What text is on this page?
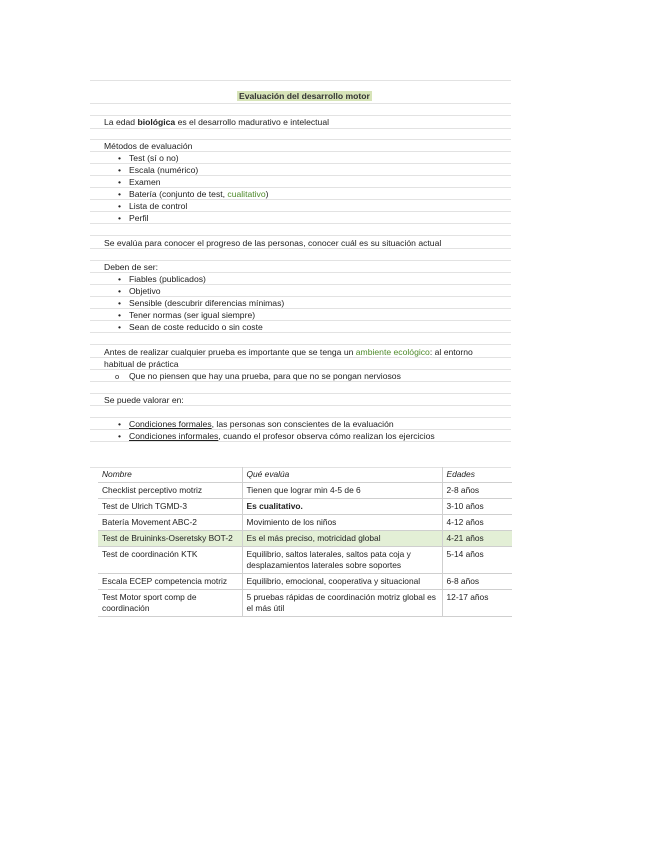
Evaluación del desarrollo motor
La edad biológica es el desarrollo madurativo e intelectual
Métodos de evaluación
• Test (sí o no)
• Escala (numérico)
• Examen
• Batería (conjunto de test, cualitativo)
• Lista de control
• Perfil
Se evalúa para conocer el progreso de las personas, conocer cuál es su situación actual
Deben de ser:
• Fiables (publicados)
• Objetivo
• Sensible (descubrir diferencias mínimas)
• Tener normas (ser igual siempre)
• Sean de coste reducido o sin coste
Antes de realizar cualquier prueba es importante que se tenga un ambiente ecológico: al entorno
habitual de práctica
o Que no piensen que hay una prueba, para que no se pongan nerviosos
Se puede valorar en:
• Condiciones formales, las personas son conscientes de la evaluación
• Condiciones informales, cuando el profesor observa cómo realizan los ejercicios
Nombre	Qué evalúa	Edades
Checklist perceptivo motriz	Tienen que lograr min 4-5 de 6	2-8 años
Test de Ulrich TGMD-3	Es cualitativo.	3-10 años
Batería Movement ABC-2	Movimiento de los niños	4-12 años
Test de Bruininks-Oseretsky BOT-2	Es el más preciso, motricidad global	4-21 años
Test de coordinación KTK	Equilibrio, saltos laterales, saltos pata coja y desplazamientos laterales sobre soportes	5-14 años
Escala ECEP competencia motriz	Equilibrio, emocional, cooperativa y situacional	6-8 años
Test Motor sport comp de coordinación	5 pruebas rápidas de coordinación motriz global es el más útil	12-17 años
